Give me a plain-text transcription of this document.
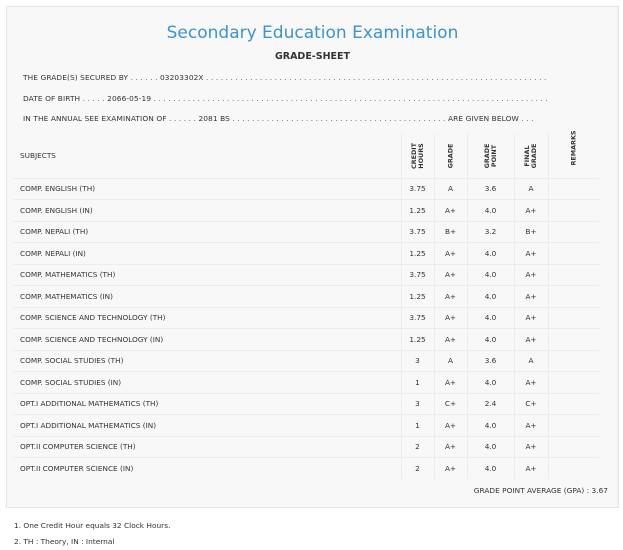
Secondary Education Examination
GRADE-SHEET
THE GRADE(S) SECURED BY . . . . . . 03203302X . . . . . . . . . . . . . . . . . . . . . . . . . . . . . . . . . . . . . . . . . . . . . . . . . . . . . . . . . . . . . . . . . . . . . .
DATE OF BIRTH . . . . . 2066-05-19 . . . . . . . . . . . . . . . . . . . . . . . . . . . . . . . . . . . . . . . . . . . . . . . . . . . . . . . . . . . . . . . . . . . . . . . . . . . . . . . . .
IN THE ANNUAL SEE EXAMINATION OF . . . . . . 2081 BS . . . . . . . . . . . . . . . . . . . . . . . . . . . . . . . . . . . . . . . . . . . . ARE GIVEN BELOW . . .
SUBJECTS	CREDIT HOURS	GRADE	GRADE POINT	FINAL GRADE	REMARKS

COMP. ENGLISH (TH)	3.75	A	3.6	A	
COMP. ENGLISH (IN)	1.25	A+	4.0	A+	
COMP. NEPALI (TH)	3.75	B+	3.2	B+	
COMP. NEPALI (IN)	1.25	A+	4.0	A+	
COMP. MATHEMATICS (TH)	3.75	A+	4.0	A+	
COMP. MATHEMATICS (IN)	1.25	A+	4.0	A+	
COMP. SCIENCE AND TECHNOLOGY (TH)	3.75	A+	4.0	A+	
COMP. SCIENCE AND TECHNOLOGY (IN)	1.25	A+	4.0	A+	
COMP. SOCIAL STUDIES (TH)	3	A	3.6	A	
COMP. SOCIAL STUDIES (IN)	1	A+	4.0	A+	
OPT.I ADDITIONAL MATHEMATICS (TH)	3	C+	2.4	C+	
OPT.I ADDITIONAL MATHEMATICS (IN)	1	A+	4.0	A+	
OPT.II COMPUTER SCIENCE (TH)	2	A+	4.0	A+	
OPT.II COMPUTER SCIENCE (IN)	2	A+	4.0	A+	
GRADE POINT AVERAGE (GPA) : 3.67
1. One Credit Hour equals 32 Clock Hours.
2. TH : Theory, IN : Internal
